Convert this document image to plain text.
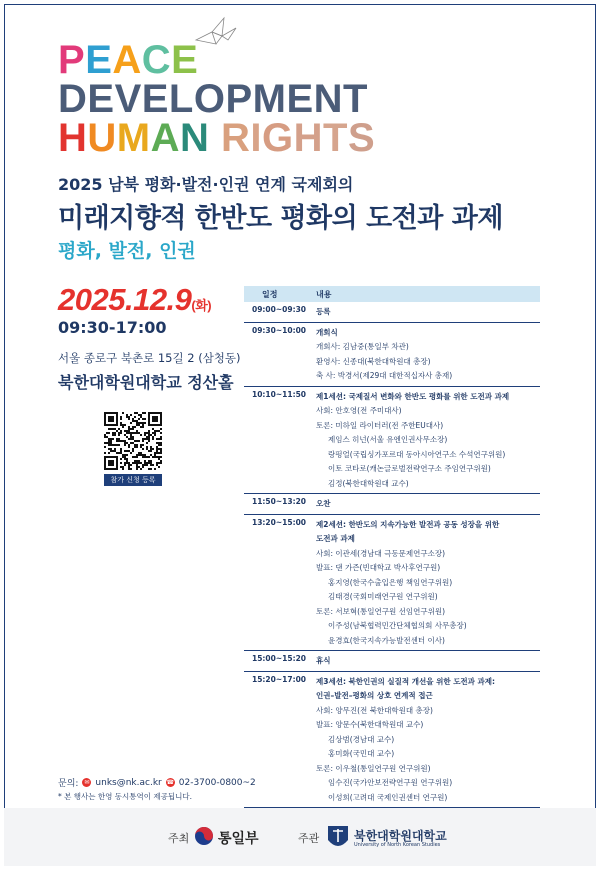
PEACE
DEVELOPMENT
HUMAN RIGHTS
2025 남북 평화·발전·인권 연계 국제회의
미래지향적 한반도 평화의 도전과 과제
평화, 발전, 인권
2025.12.9(화)
09:30-17:00
서울 종로구 북촌로 15길 2 (삼청동)
북한대학원대학교 정산홀
참가 신청 등록
문의: ✉ unks@nk.ac.kr ☎ 02-3700-0800~2
* 본 행사는 한영 동시통역이 제공됩니다.
일정	내용
09:00~09:30 등록
09:30~10:00 개회식
개회사: 김남중(통일부 차관)
환영사: 신종대(북한대학원대 총장)
축 사: 박경서(제29대 대한적십자사 총재)
10:10~11:50 제1세션: 국제질서 변화와 한반도 평화를 위한 도전과 과제
사회: 안호영(전 주미대사)
토론: 미하일 라이터러(전 주한EU대사)
제임스 히넌(서울 유엔인권사무소장)
랑펑얼(국립싱가포르대 동아시아연구소 수석연구위원)
이토 코타로(캐논글로벌전략연구소 주임연구위원)
김정(북한대학원대 교수)
11:50~13:20 오찬
13:20~15:00 제2세션: 한반도의 지속가능한 발전과 공동 성장을 위한
도전과 과제
사회: 이관세(경남대 극동문제연구소장)
발표: 댄 가즌(빈대학교 박사후연구원)
홍지영(한국수출입은행 책임연구위원)
김태경(국회미래연구원 연구위원)
토론: 서보혁(통일연구원 선임연구위원)
이주성(남북협력민간단체협의회 사무총장)
윤경효(한국지속가능발전센터 이사)
15:00~15:20 휴식
15:20~17:00 제3세션: 북한인권의 실질적 개선을 위한 도전과 과제:
인권–발전–평화의 상호 연계적 접근
사회: 양무진(전 북한대학원대 총장)
발표: 양문수(북한대학원대 교수)
김상범(경남대 교수)
홍미화(국민대 교수)
토론: 이우철(통일연구원 연구위원)
임수진(국가안보전략연구원 연구위원)
이성희(고려대 국제인권센터 연구원)
주최 통일부	주관	북한대학원대학교
University of North Korean Studies
